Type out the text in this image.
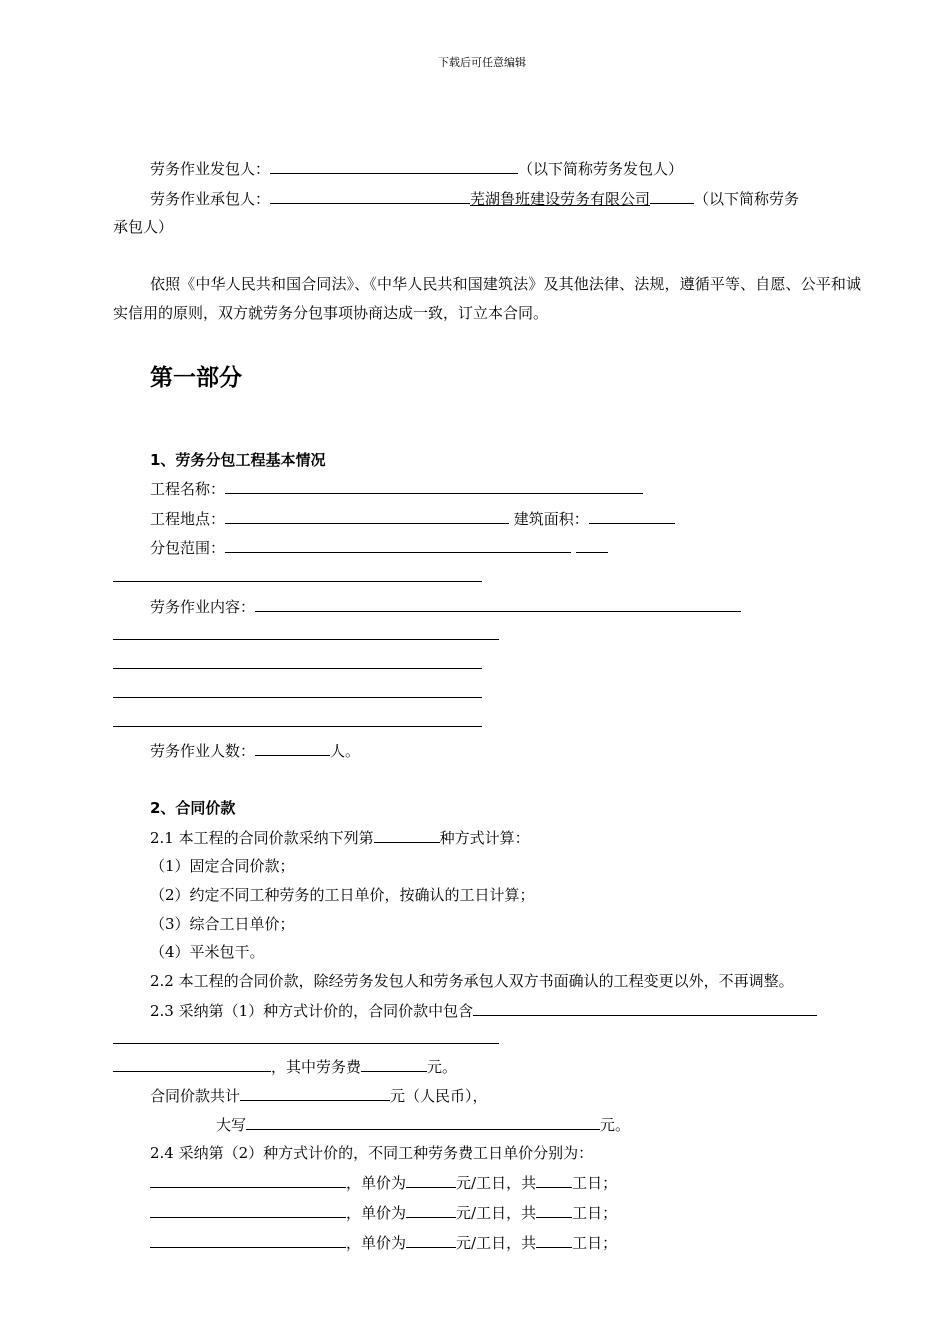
下载后可任意编辑
劳务作业发包人：	（以下简称劳务发包人）
劳务作业承包人：	芜湖鲁班建设劳务有限公司	（以下简称劳务
承包人）
依照《中华人民共和国合同法》、《中华人民共和国建筑法》及其他法律、法规，遵循平等、自愿、公平和诚实信用的原则，双方就劳务分包事项协商达成一致，订立本合同。
第一部分
1、劳务分包工程基本情况
工程名称：
工程地点：	建筑面积：
分包范围：
劳务作业内容：
劳务作业人数：	人。
2、合同价款
2.1 本工程的合同价款采纳下列第	种方式计算：
（1）固定合同价款；
（2）约定不同工种劳务的工日单价，按确认的工日计算；
（3）综合工日单价；
（4）平米包干。
2.2 本工程的合同价款，除经劳务发包人和劳务承包人双方书面确认的工程变更以外，不再调整。
2.3 采纳第（1）种方式计价的，合同价款中包含
，其中劳务费	元。
合同价款共计	元（人民币），
大写	元。
2.4 采纳第（2）种方式计价的，不同工种劳务费工日单价分别为：
，单价为	元/工日，共 工日；
，单价为	元/工日，共 工日；
，单价为	元/工日，共 工日；
